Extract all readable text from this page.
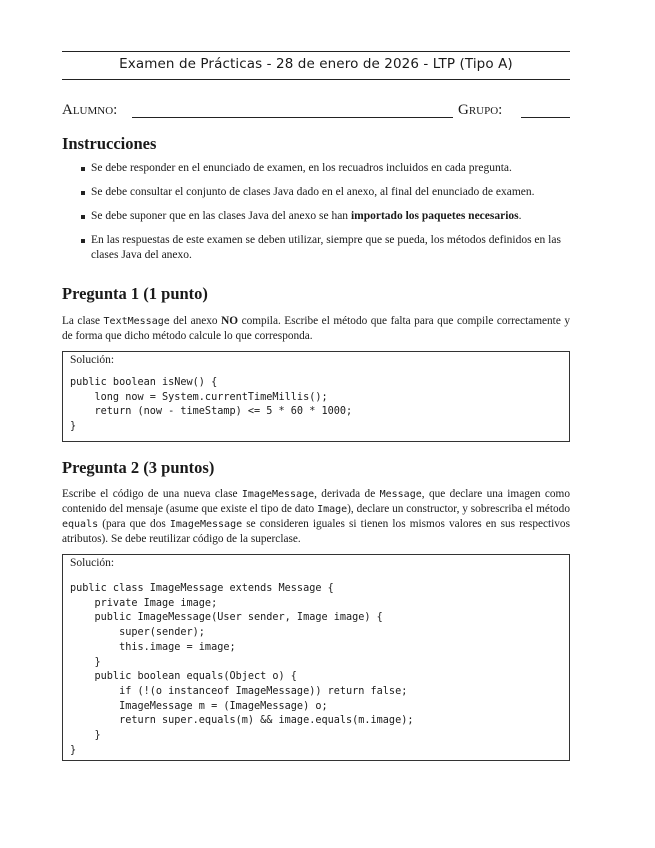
Examen de Prácticas - 28 de enero de 2026 - LTP (Tipo A)
Alumno:	Grupo:
Instrucciones
Se debe responder en el enunciado de examen, en los recuadros incluidos en cada pregunta.
Se debe consultar el conjunto de clases Java dado en el anexo, al final del enunciado de examen.
Se debe suponer que en las clases Java del anexo se han importado los paquetes necesarios.
En las respuestas de este examen se deben utilizar, siempre que se pueda, los métodos definidos en las clases Java del anexo.
Pregunta 1 (1 punto)
La clase TextMessage del anexo NO compila. Escribe el método que falta para que compile correctamente y de forma que dicho método calcule lo que corresponda.
Solución:
public boolean isNew() {
long now = System.currentTimeMillis();
return (now - timeStamp) <= 5 * 60 * 1000;
}
Pregunta 2 (3 puntos)
Escribe el código de una nueva clase ImageMessage, derivada de Message, que declare una imagen como contenido del mensaje (asume que existe el tipo de dato Image), declare un constructor, y sobrescriba el método equals (para que dos ImageMessage se consideren iguales si tienen los mismos valores en sus respectivos atributos). Se debe reutilizar código de la superclase.
Solución:
public class ImageMessage extends Message {
private Image image;
public ImageMessage(User sender, Image image) {
super(sender);
this.image = image;
}
public boolean equals(Object o) {
if (!(o instanceof ImageMessage)) return false;
ImageMessage m = (ImageMessage) o;
return super.equals(m) && image.equals(m.image);
}
}
